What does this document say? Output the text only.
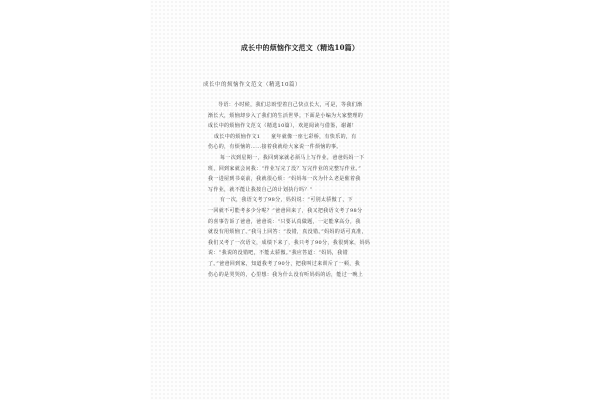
成长中的烦恼作文范文（精选10篇）
成长中的烦恼作文范文（精选10篇）
导语：小时候，我们总盼望着自己快点长大，可是，等我们渐
渐长大，烦恼却步入了我们的生活世界。下面是小编为大家整理的
成长中的烦恼作文范文（精选10篇），欢迎阅读与借鉴，谢谢！
成长中的烦恼作文1　　童年就像一座七彩桥，有快乐的，有
伤心的，有烦恼的……接着我就给大家说一件烦恼的事。
每一次到星期一，我回到家就必须马上写作业，爸爸妈妈一下
班，回到家就会问我：“作业写完了没？写完作业的完整写作业。”
我一进屋到书桌前，我就很心烦：“妈妈每一次为什么老是催着我
写作业，就不能让我按自己的计划执行吗？”
有一次，我语文考了98分，妈妈说：“可别太骄傲了，下
一回就不可能考多少分呢？”爸爸回来了，我又把我语文考了98分
的喜事告诉了爸爸，爸爸说：“只要认真做题，一定能拿高分，我
就没有用烦恼了。”我马上回答：“没错，真没错。”妈妈的话可真准，
我们又考了一次语文，成绩下来了，我只考了90分，我很到家，妈妈
说：“我说的没错吧，不能太骄傲。”我应答道：“妈妈，我错
了。”爸爸回到家，知道我考了90分，把我叫过来训斥了一顿，我
伤心的是哭哭的，心里想：我为什么没有听妈妈的话，能过一晚上
